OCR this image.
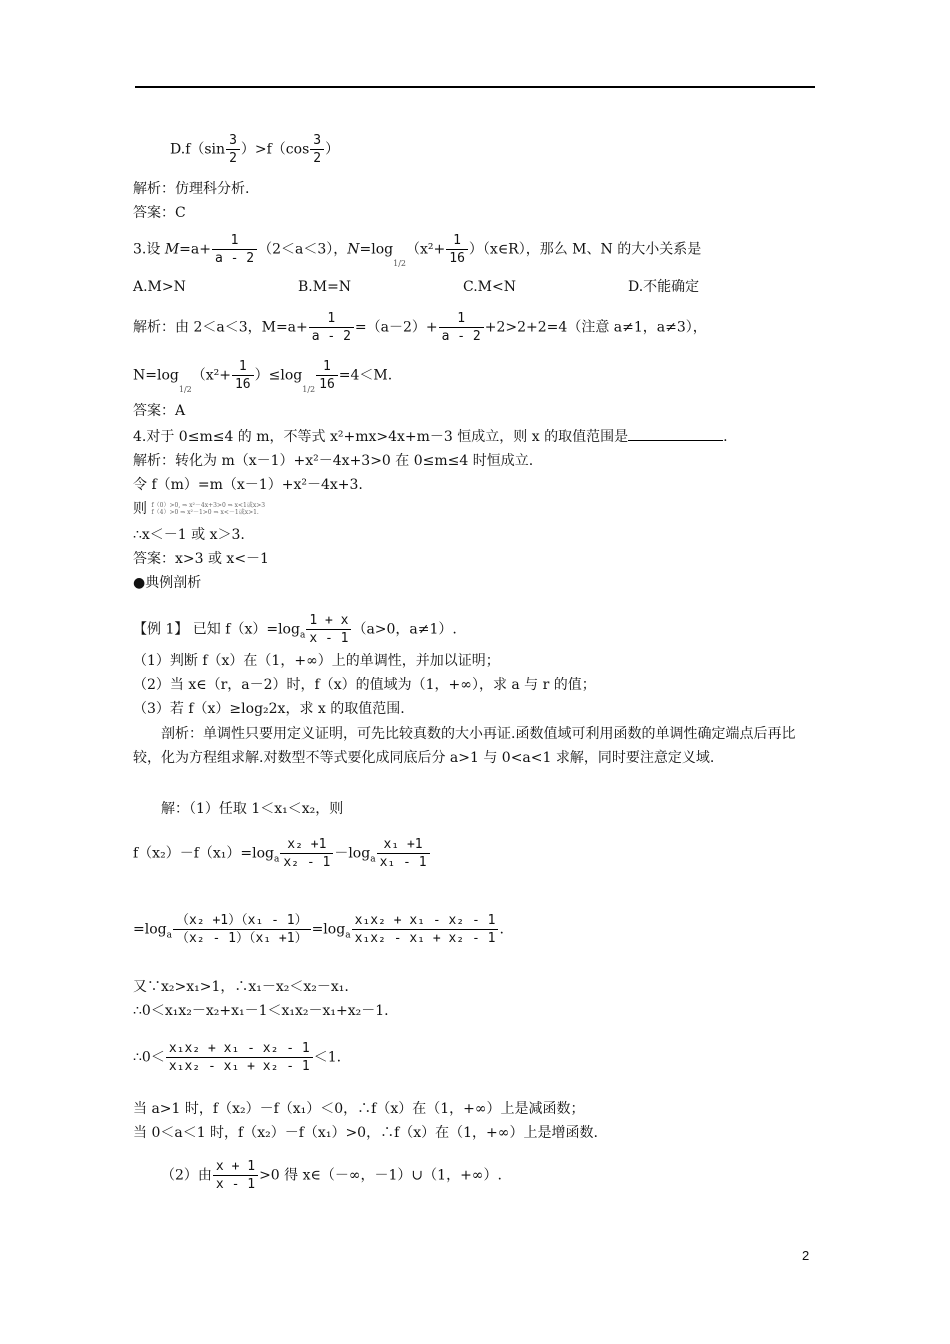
$D.f(\sin \frac{3}{2} )>f(\cos \frac{3}{2}$ ）
解析：仿理科分析.
答案：C
3.设 $M=a+ \frac{1}{a - 2} (2<a<3)$，$N=\log 1/2(x^2+ \frac{1}{16}$ ）（x∈R），那么 M、N 的大小关系是
A.M>N	B.M=N	C.M<N	D.不能确定
解析：由 2＜a＜3，$M=a+ \frac{1}{a - 2} =(a-2)+ \frac{1}{a - 2} +2>2+2=4$（注意 a≠1，a≠3），
$N=\log 1/2(x^2+ \frac{1}{16} )\le\log 1/2 \frac{1}{16} =4<M$.
答案：A
4.对于 0≤m≤4 的 m，不等式 x²+mx>4x+m－3 恒成立，则 x 的取值范围是	.
解析：转化为 m（x－1）+x²－4x+3>0 在 0≤m≤4 时恒成立.
令 f（m）=m（x－1）+x²－4x+3.
则 f（0）>0, ⇒ x²－4x+3>0 ⇒ x<1或x>3
f（4）>0 ⇒ x²－1>0 ⇒ x<－1或x>1.
∴x＜－1 或 x＞3.
答案：x>3 或 x<－1
●典例剖析
【例 1】 已知 $f(x)=\log_a \frac{1 + x}{x - 1} (a>0$，a≠1）.
（1）判断 f（x）在（1，+∞）上的单调性，并加以证明；
（2）当 x∈（r，a－2）时，f（x）的值域为（1，+∞），求 a 与 r 的值；
（3）若 f（x）≥log₂2x，求 x 的取值范围.
剖析：单调性只要用定义证明，可先比较真数的大小再证.函数值域可利用函数的单调性确定端点后再比较，化为方程组求解.对数型不等式要化成同底后分 a>1 与 0<a<1 求解，同时要注意定义域.
解：（1）任取 1＜x₁＜x₂，则
$f(x_2)-f(x_1)=\log_a \frac{\text{x₂ +1}}{\text{x₂ - 1}} -\log_a \frac{\text{x₁ +1}}{\text{x₁ - 1}}$
$=\log_a \frac{\text{（x₂ +1）（x₁ - 1）}}{\text{（x₂ - 1）（x₁ +1）}} =\log_a \frac{\text{x₁x₂ + x₁ - x₂ - 1}}{\text{x₁x₂ - x₁ + x₂ - 1}}$ .
又∵x₂>x₁>1，∴x₁－x₂＜x₂－x₁.
∴0＜x₁x₂－x₂+x₁－1＜x₁x₂－x₁+x₂－1.
∴0＜ $\frac{\text{x₁x₂ + x₁ - x₂ - 1}}{\text{x₁x₂ - x₁ + x₂ - 1}} <1$.
当 a>1 时，f（x₂）－f（x₁）＜0，∴f（x）在（1，+∞）上是减函数；
当 0＜a＜1 时，f（x₂）－f（x₁）>0，∴f（x）在（1，+∞）上是增函数.
（2）由 $\frac{x + 1}{x - 1} >0$ 得 x∈（－∞，－1）∪（1，+∞）.
2
